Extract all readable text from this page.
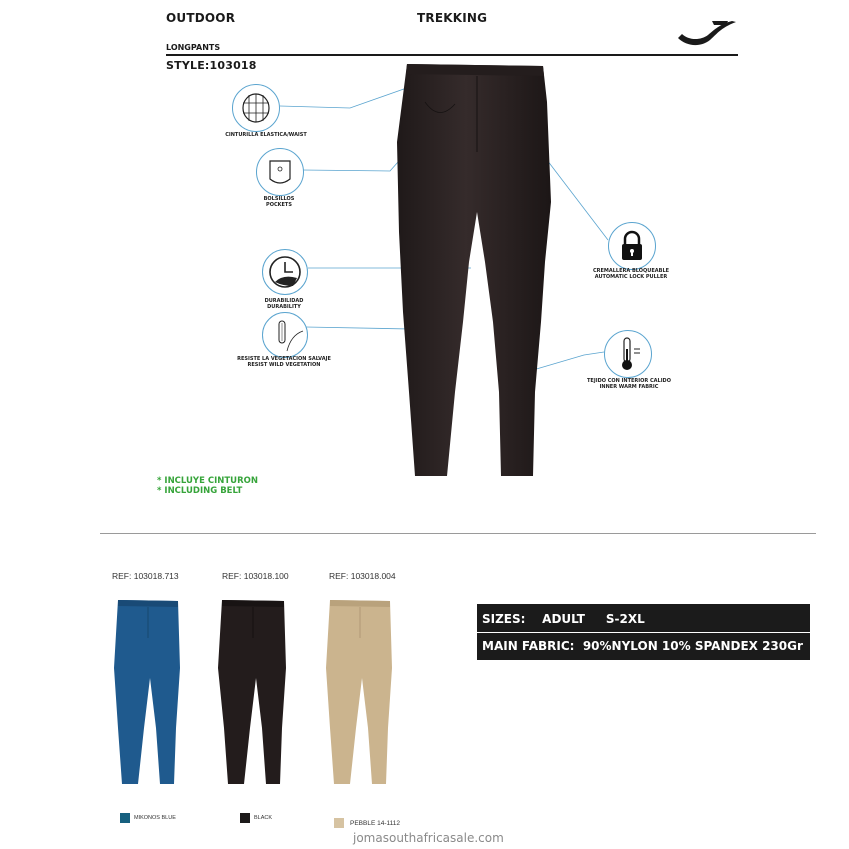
OUTDOOR	TREKKING
LONGPANTS
STYLE:103018
CINTURILLA ELASTICA/WAIST
BOLSILLOS
POCKETS
DURABILIDAD
DURABILITY
RESISTE LA VEGETACION SALVAJE
RESIST WILD VEGETATION
CREMALLERA BLOQUEABLE
AUTOMATIC LOCK PULLER
TEJIDO CON INTERIOR CALIDO
INNER WARM FABRIC
* INCLUYE CINTURON
* INCLUDING BELT
REF: 103018.713	REF: 103018.100	REF: 103018.004
SIZES:    ADULT     S-2XL
MAIN FABRIC:  90%NYLON 10% SPANDEX 230Gr
MIKONOS BLUE	BLACK
PEBBLE 14-1112
jomasouthafricasale.com
